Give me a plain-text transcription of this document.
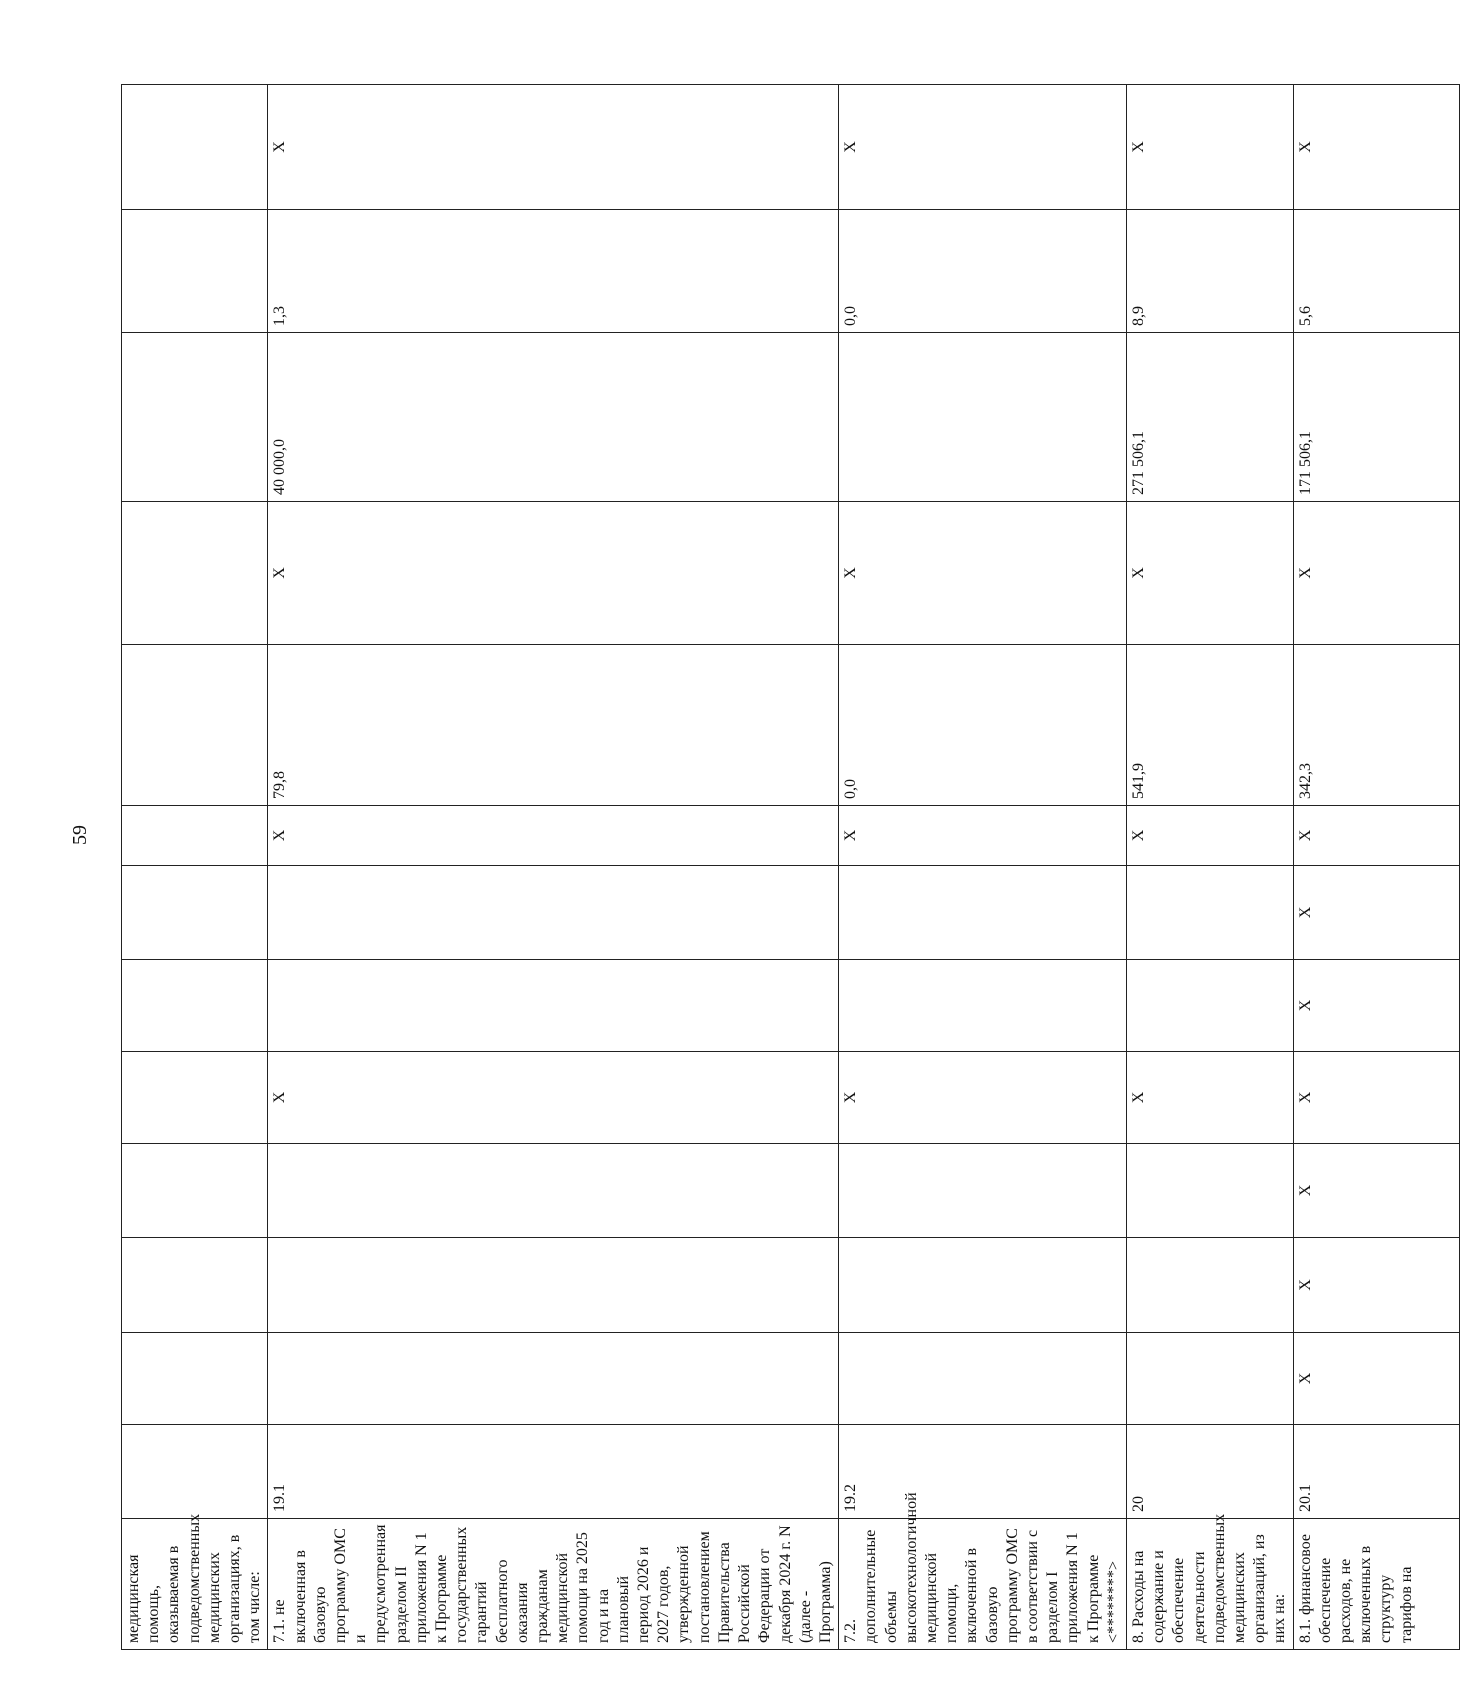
59
медицинская помощь, оказываемая в подведомственных медицинских организациях, в том числе:														
7.1. не включенная в базовую программу ОМС и предусмотренная разделом II приложения N 1 к Программе государственных гарантий бесплатного оказания гражданам медицинской помощи на 2025 год и на плановый период 2026 и 2027 годов, утвержденной постановлением Правительства Российской Федерации от декабря 2024 г. N (далее - Программа)	19.1				X			X	79,8	X	40 000,0	1,3	X	
7.2. дополнительные объемы высокотехнологичной медицинской помощи, включенной в базовую программу ОМС в соответствии с разделом I приложения N 1 к Программе <********>	19.2				X			X	0,0	X		0,0	X	
8. Расходы на содержание и обеспечение деятельности подведомственных медицинских организаций, из них на:	20				X			X	541,9	X	271 506,1	8,9	X	
8.1. финансовое обеспечение расходов, не включенных в структуру тарифов на	20.1	X	X	X	X	X	X	X	342,3	X	171 506,1	5,6	X	
